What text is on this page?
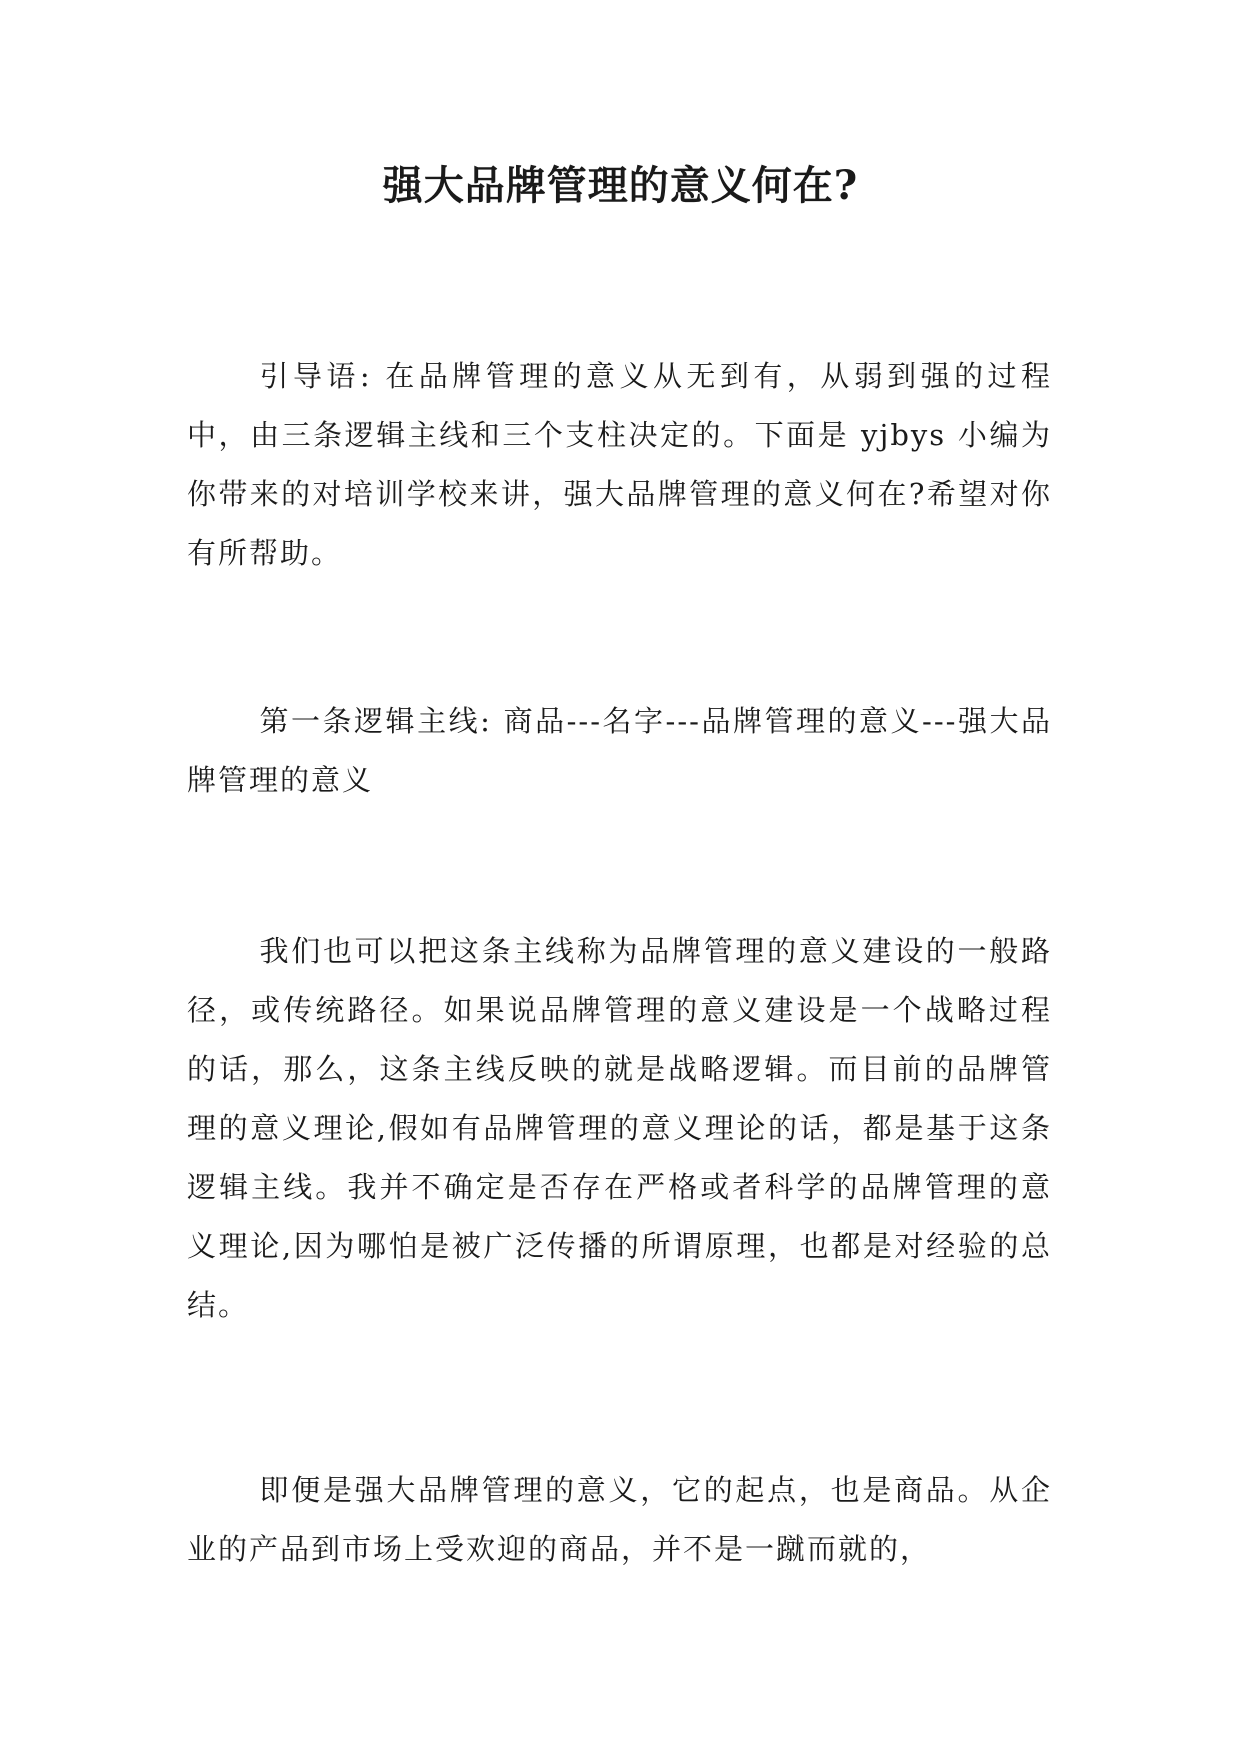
强大品牌管理的意义何在?

引导语: 在品牌管理的意义从无到有，从弱到强的过程中，由三条逻辑主线和三个支柱决定的。下面是 yjbys 小编为你带来的对培训学校来讲，强大品牌管理的意义何在?希望对你有所帮助。

第一条逻辑主线: 商品---名字---品牌管理的意义---强大品牌管理的意义

我们也可以把这条主线称为品牌管理的意义建设的一般路径，或传统路径。如果说品牌管理的意义建设是一个战略过程的话，那么，这条主线反映的就是战略逻辑。而目前的品牌管理的意义理论,假如有品牌管理的意义理论的话，都是基于这条逻辑主线。我并不确定是否存在严格或者科学的品牌管理的意义理论,因为哪怕是被广泛传播的所谓原理，也都是对经验的总结。

即便是强大品牌管理的意义，它的起点，也是商品。从企业的产品到市场上受欢迎的商品，并不是一蹴而就的，
